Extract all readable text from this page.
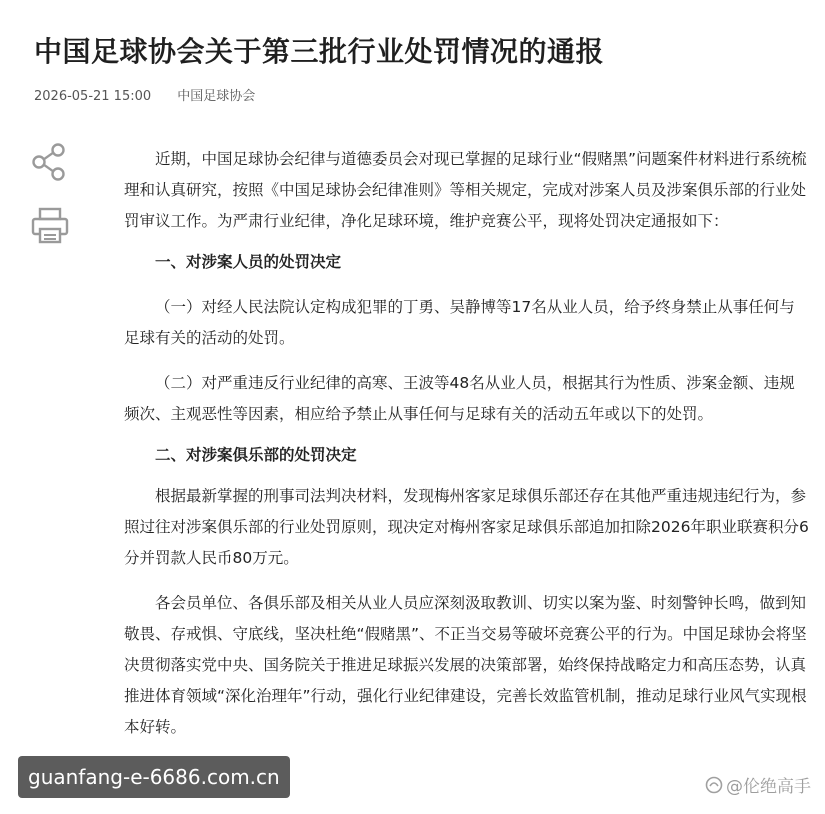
中国足球协会关于第三批行业处罚情况的通报
2026-05-21 15:00 中国足球协会

近期，中国足球协会纪律与道德委员会对现已掌握的足球行业“假赌黑”问题案件材料进行系统梳理和认真研究，按照《中国足球协会纪律准则》等相关规定，完成对涉案人员及涉案俱乐部的行业处罚审议工作。为严肃行业纪律，净化足球环境，维护竞赛公平，现将处罚决定通报如下：

一、对涉案人员的处罚决定

（一）对经人民法院认定构成犯罪的丁勇、吴静博等17名从业人员，给予终身禁止从事任何与足球有关的活动的处罚。

（二）对严重违反行业纪律的高寒、王波等48名从业人员，根据其行为性质、涉案金额、违规频次、主观恶性等因素，相应给予禁止从事任何与足球有关的活动五年或以下的处罚。

二、对涉案俱乐部的处罚决定

根据最新掌握的刑事司法判决材料，发现梅州客家足球俱乐部还存在其他严重违规违纪行为，参照过往对涉案俱乐部的行业处罚原则，现决定对梅州客家足球俱乐部追加扣除2026年职业联赛积分6分并罚款人民币80万元。

各会员单位、各俱乐部及相关从业人员应深刻汲取教训、切实以案为鉴、时刻警钟长鸣，做到知敬畏、存戒惧、守底线，坚决杜绝“假赌黑”、不正当交易等破坏竞赛公平的行为。中国足球协会将坚决贯彻落实党中央、国务院关于推进足球振兴发展的决策部署，始终保持战略定力和高压态势，认真推进体育领域“深化治理年”行动，强化行业纪律建设，完善长效监管机制，推动足球行业风气实现根本好转。

guanfang-e-6686.com.cn	@伦绝高手
